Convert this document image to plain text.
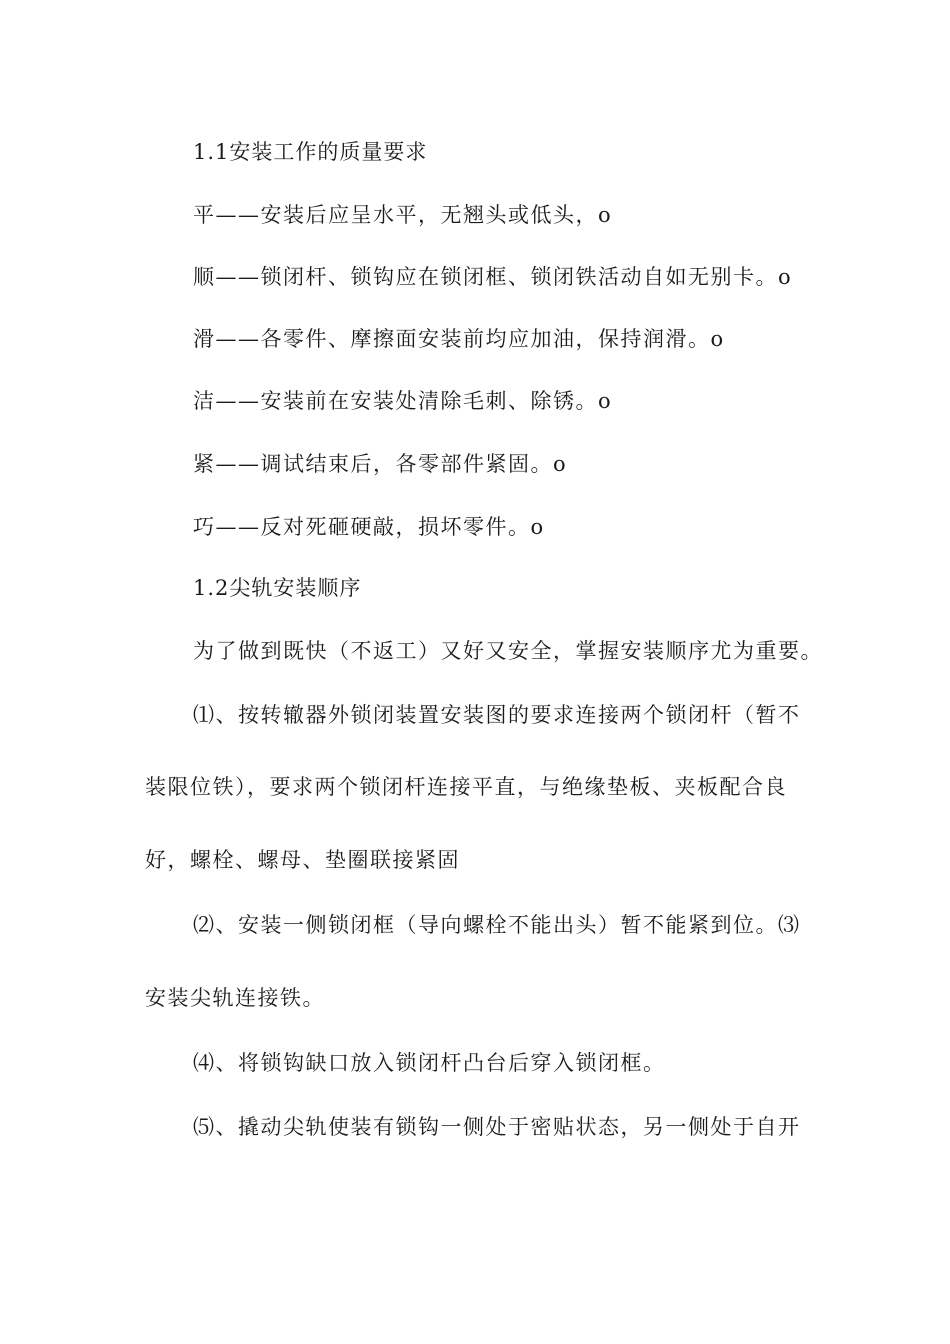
1.1安装工作的质量要求
平——安装后应呈水平，无翘头或低头，o
顺——锁闭杆、锁钩应在锁闭框、锁闭铁活动自如无别卡。o
滑——各零件、摩擦面安装前均应加油，保持润滑。o
洁——安装前在安装处清除毛刺、除锈。o
紧——调试结束后，各零部件紧固。o
巧——反对死砸硬敲，损坏零件。o
1.2尖轨安装顺序
为了做到既快（不返工）又好又安全，掌握安装顺序尤为重要。
⑴、按转辙器外锁闭装置安装图的要求连接两个锁闭杆（暂不
装限位铁），要求两个锁闭杆连接平直，与绝缘垫板、夹板配合良
好，螺栓、螺母、垫圈联接紧固
⑵、安装一侧锁闭框（导向螺栓不能出头）暂不能紧到位。⑶
安装尖轨连接铁。
⑷、将锁钩缺口放入锁闭杆凸台后穿入锁闭框。
⑸、撬动尖轨使装有锁钩一侧处于密贴状态，另一侧处于自开
